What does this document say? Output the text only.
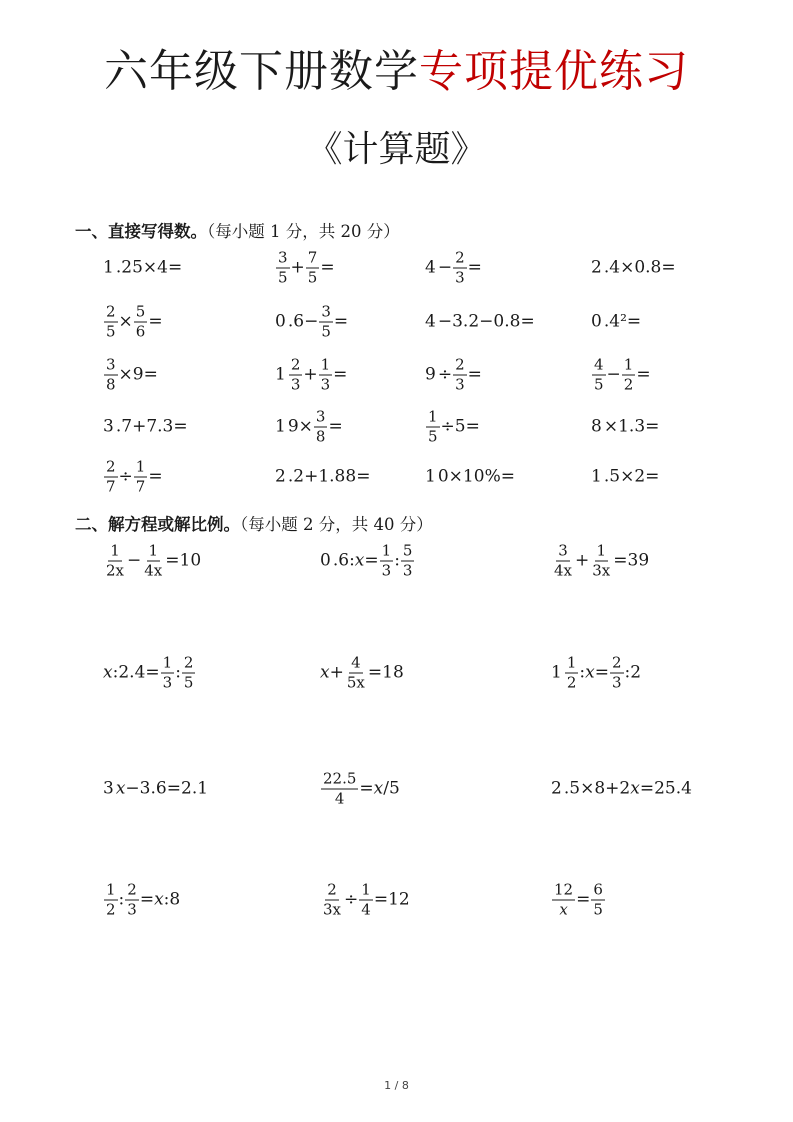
六年级下册数学专项提优练习
《计算题》
一、直接写得数。（每小题 1 分，共 20 分）
1 . 2 5 × 4 =	$\frac{3}{5} + \frac{7}{5}$ =	$4 - \frac{2}{3}$ =	2 . 4 × 0 . 8 =
$\frac{2}{5} \times \frac{5}{6}$ =	0 . $6 - \frac{3}{5}$ =	4 − 3 . 2 − 0 . 8 =	0 . 4 ² =
$\frac{3}{8} \times 9$ =	$1 \frac{2}{3} + \frac{1}{3}$ =	$9 \div \frac{2}{3}$ =	$\frac{4}{5} - \frac{1}{2}$ =
3 . 7 + 7 . 3 =	1 $9 \times \frac{3}{8}$ =	$\frac{1}{5} \div 5$ =	8 × 1 . 3 =
$\frac{2}{7} \div \frac{1}{7}$ =	2 . 2 + 1 . 8 8 =	1 0 × 1 0 % =	1 . 5 × 2 =
二、解方程或解比例。（每小题 2 分，共 40 分）
$\frac{1}{2x} - \frac{1}{4x} = 1$ 0	0 . 6 : $x = \frac{1}{3}$ : $\frac{5}{3}$	$\frac{3}{4x} + \frac{1}{3x} = 3$ 9
x : 2 . $4 = \frac{1}{3}$ : $\frac{2}{5}$	$x + \frac{4}{5x} = 1$ 8	$1 \frac{1}{2}$ : $x = \frac{2}{3}$ : 2
3 x − 3 . 6 = 2 . 1	$\frac{22.5}{4} = x / 5$	2 . 5 × 8 + 2 x = 2 5 . 4
$\frac{1}{2}$ : $\frac{2}{3} = x$ : 8	$\frac{2}{3x} \div \frac{1}{4} = 1$ 2	$\frac{12}{x} = \frac{6}{5}$
1 / 8
